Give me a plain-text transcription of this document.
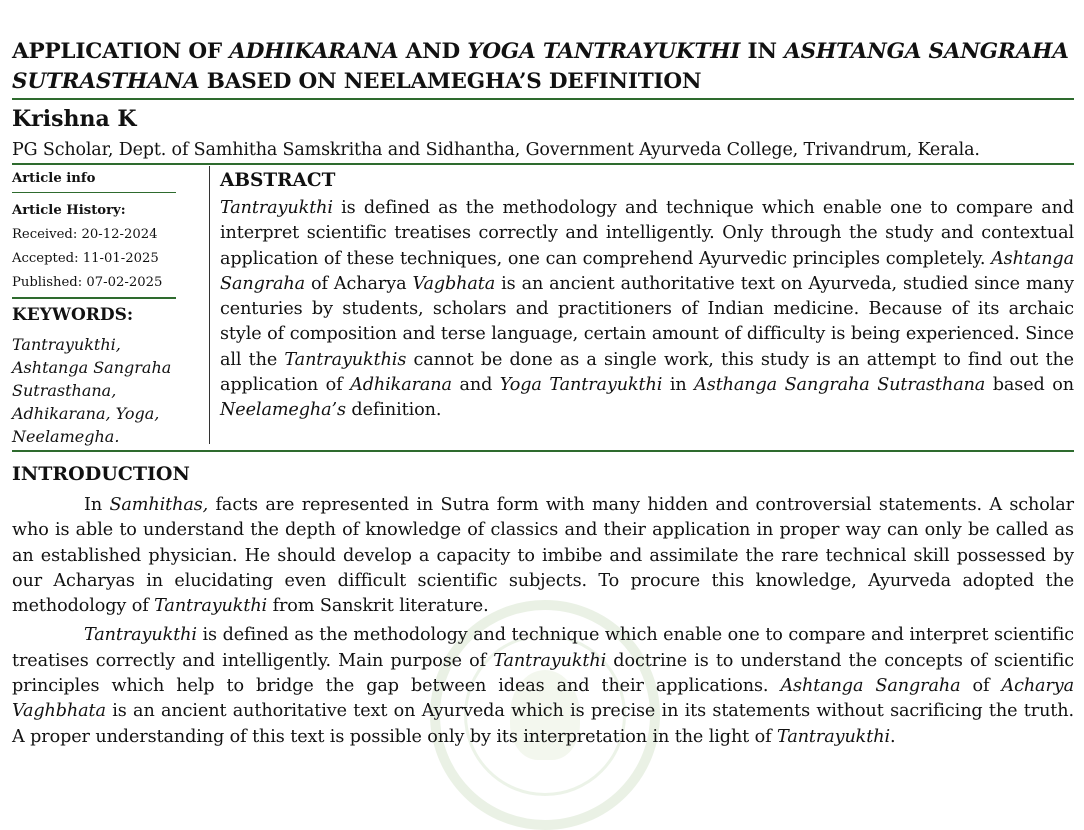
APPLICATION OF ADHIKARANA AND YOGA TANTRAYUKTHI IN ASHTANGA SANGRAHA SUTRASTHANA BASED ON NEELAMEGHA’S DEFINITION
Krishna K
PG Scholar, Dept. of Samhitha Samskritha and Sidhantha, Government Ayurveda College, Trivandrum, Kerala.
Article info
Article History:
Received: 20-12-2024
Accepted: 11-01-2025
Published: 07-02-2025
KEYWORDS:
Tantrayukthi,
Ashtanga Sangraha
Sutrasthana,
Adhikarana, Yoga,
Neelamegha.
ABSTRACT

Tantrayukthi is defined as the methodology and technique which enable one to compare and interpret scientific treatises correctly and intelligently. Only through the study and contextual application of these techniques, one can comprehend Ayurvedic principles completely. Ashtanga Sangraha of Acharya Vagbhata is an ancient authoritative text on Ayurveda, studied since many centuries by students, scholars and practitioners of Indian medicine. Because of its archaic style of composition and terse language, certain amount of difficulty is being experienced. Since all the Tantrayukthis cannot be done as a single work, this study is an attempt to find out the application of Adhikarana and Yoga Tantrayukthi in Asthanga Sangraha Sutrasthana based on Neelamegha’s definition.

INTRODUCTION

In Samhithas, facts are represented in Sutra form with many hidden and controversial statements. A scholar who is able to understand the depth of knowledge of classics and their application in proper way can only be called as an established physician. He should develop a capacity to imbibe and assimilate the rare technical skill possessed by our Acharyas in elucidating even difficult scientific subjects. To procure this knowledge, Ayurveda adopted the methodology of Tantrayukthi from Sanskrit literature.

Tantrayukthi is defined as the methodology and technique which enable one to compare and interpret scientific treatises correctly and intelligently. Main purpose of Tantrayukthi doctrine is to understand the concepts of scientific principles which help to bridge the gap between ideas and their applications. Ashtanga Sangraha of Acharya Vaghbhata is an ancient authoritative text on Ayurveda which is precise in its statements without sacrificing the truth. A proper understanding of this text is possible only by its interpretation in the light of Tantrayukthi.
